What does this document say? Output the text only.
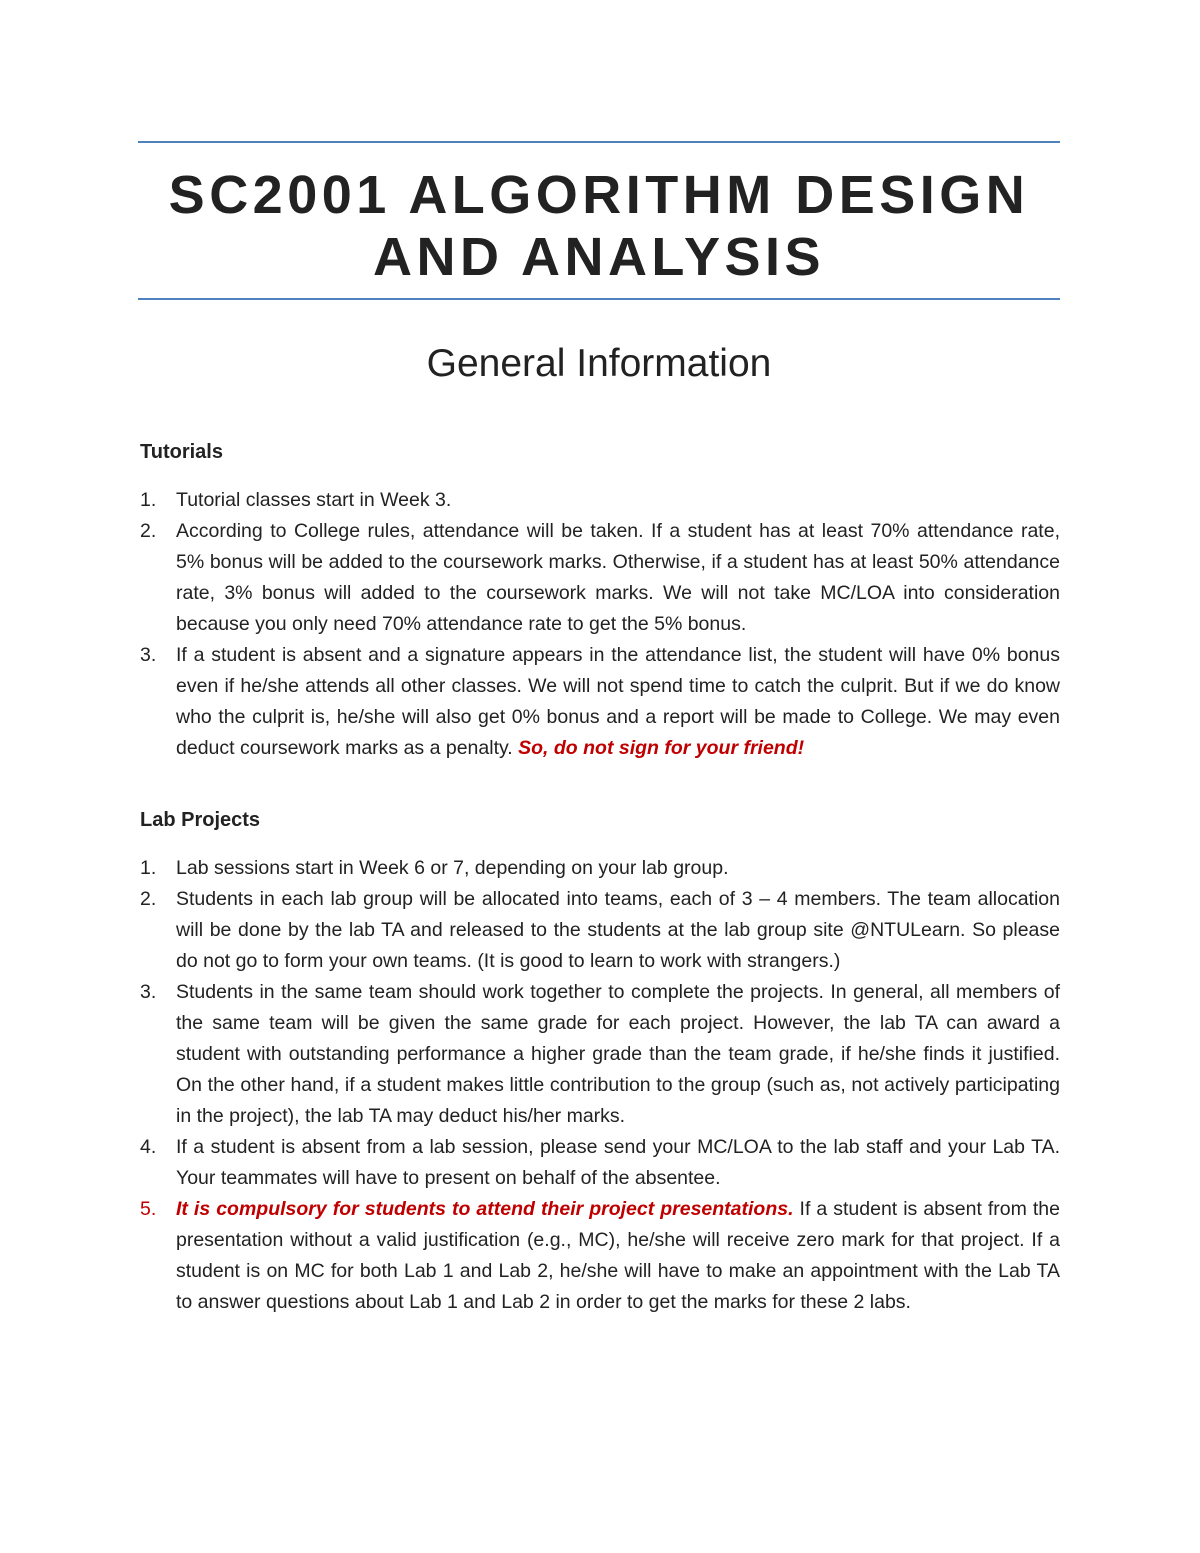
SC2001 ALGORITHM DESIGN
AND ANALYSIS
General Information
Tutorials
1.	Tutorial classes start in Week 3.
2.	According to College rules, attendance will be taken. If a student has at least 70% attendance rate, 5% bonus will be added to the coursework marks. Otherwise, if a student has at least 50% attendance rate, 3% bonus will added to the coursework marks. We will not take MC/LOA into consideration because you only need 70% attendance rate to get the 5% bonus.
3.	If a student is absent and a signature appears in the attendance list, the student will have 0% bonus even if he/she attends all other classes. We will not spend time to catch the culprit. But if we do know who the culprit is, he/she will also get 0% bonus and a report will be made to College. We may even deduct coursework marks as a penalty. So, do not sign for your friend!
Lab Projects
1.	Lab sessions start in Week 6 or 7, depending on your lab group.
2.	Students in each lab group will be allocated into teams, each of 3 – 4 members. The team allocation will be done by the lab TA and released to the students at the lab group site @NTULearn. So please do not go to form your own teams. (It is good to learn to work with strangers.)
3.	Students in the same team should work together to complete the projects. In general, all members of the same team will be given the same grade for each project. However, the lab TA can award a student with outstanding performance a higher grade than the team grade, if he/she finds it justified. On the other hand, if a student makes little contribution to the group (such as, not actively participating in the project), the lab TA may deduct his/her marks.
4.	If a student is absent from a lab session, please send your MC/LOA to the lab staff and your Lab TA. Your teammates will have to present on behalf of the absentee.
5.	It is compulsory for students to attend their project presentations. If a student is absent from the presentation without a valid justification (e.g., MC), he/she will receive zero mark for that project. If a student is on MC for both Lab 1 and Lab 2, he/she will have to make an appointment with the Lab TA to answer questions about Lab 1 and Lab 2 in order to get the marks for these 2 labs.
